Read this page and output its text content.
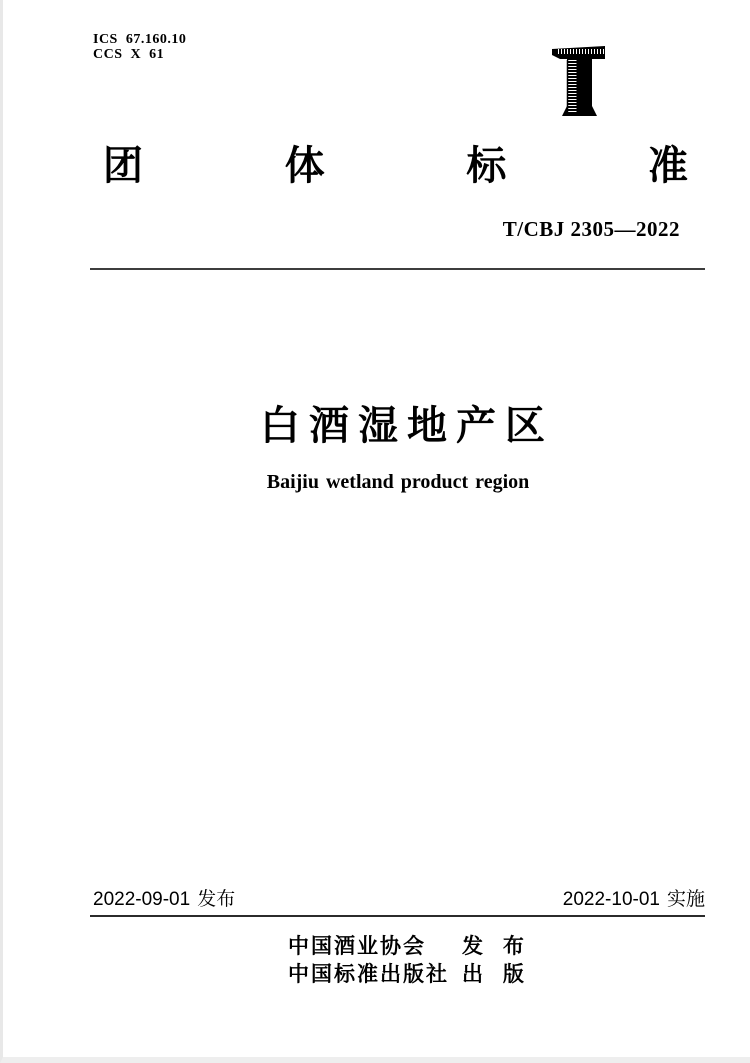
ICS  67.160.10
CCS  X  61
团	体	标	准
T/CBJ 2305—2022
白酒湿地产区
Baijiu wetland product region
2022-09-01 发布	2022-10-01 实施
中国酒业协会 发 布
中国标准出版社 出 版
